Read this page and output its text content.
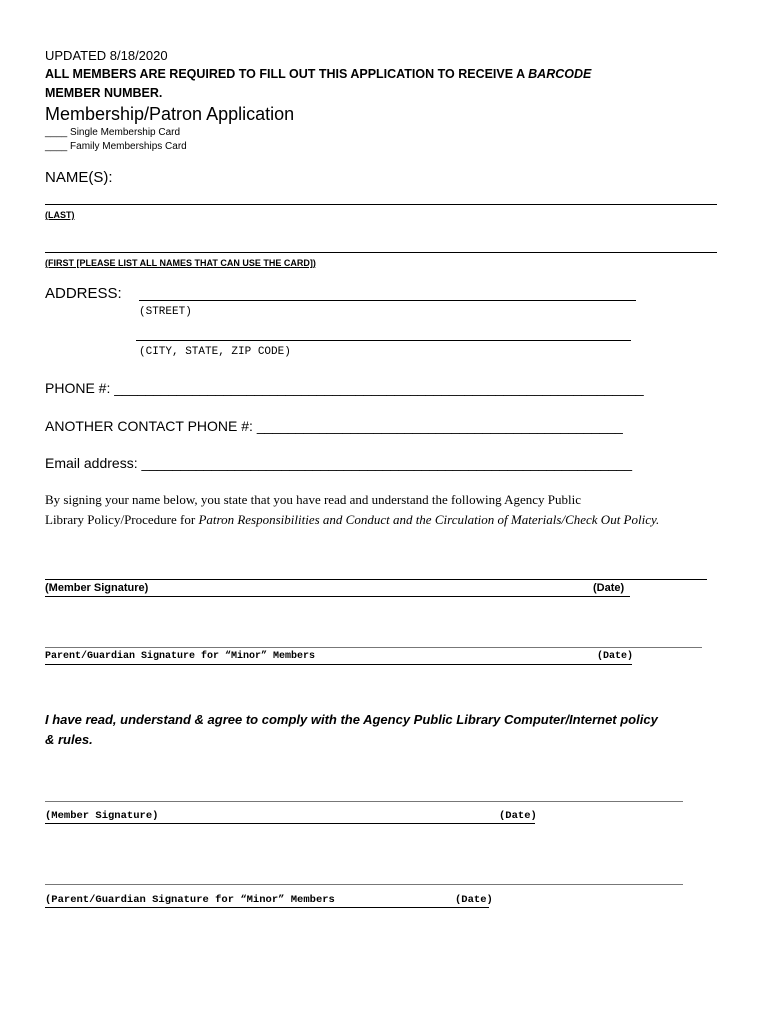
UPDATED 8/18/2020
ALL MEMBERS ARE REQUIRED TO FILL OUT THIS APPLICATION TO RECEIVE A BARCODE
MEMBER NUMBER.
Membership/Patron Application
____ Single Membership Card
____ Family Memberships Card
NAME(S):
(LAST)
(FIRST [PLEASE LIST ALL NAMES THAT CAN USE THE CARD])
ADDRESS:
(STREET)
(CITY, STATE, ZIP CODE)
PHONE #: ____________________________________________________________________
ANOTHER CONTACT PHONE #: _______________________________________________
Email address: _______________________________________________________________
By signing your name below, you state that you have read and understand the following Agency Public
Library Policy/Procedure for Patron Responsibilities and Conduct and the Circulation of Materials/Check Out Policy.
(Member Signature)	(Date)
Parent/Guardian Signature for “Minor” Members	(Date)
I have read, understand & agree to comply with the Agency Public Library Computer/Internet policy
& rules.
(Member Signature)	(Date)
(Parent/Guardian Signature for “Minor” Members	(Date)
